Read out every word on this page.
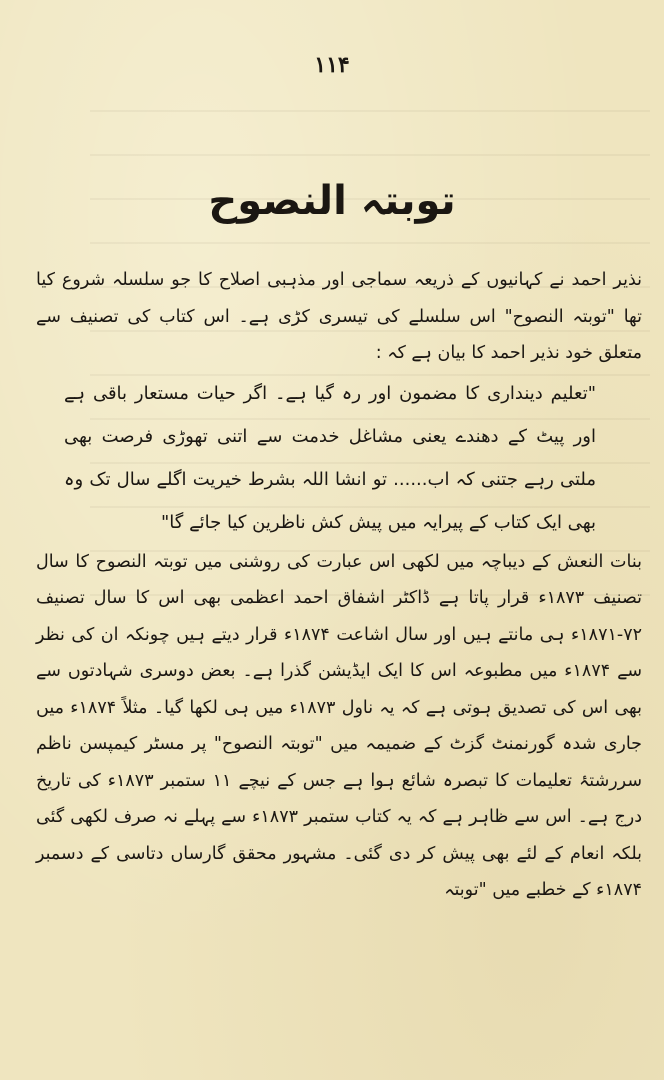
۱۱۴
توبتہ النصوح

نذیر احمد نے کہانیوں کے ذریعہ سماجی اور مذہبی اصلاح کا جو سلسلہ شروع کیا تھا "توبتہ النصوح" اس سلسلے کی تیسری کڑی ہے۔ اس کتاب کی تصنیف سے متعلق خود نذیر احمد کا بیان ہے کہ :

"تعلیم دینداری کا مضمون اور رہ گیا ہے۔ اگر حیات مستعار باقی ہے اور پیٹ کے دھندے یعنی مشاغل خدمت سے اتنی تھوڑی فرصت بھی ملتی رہے جتنی کہ اب...... تو انشا اللہ بشرط خیریت اگلے سال تک وہ بھی ایک کتاب کے پیرایہ میں پیش کش ناظرین کیا جائے گا"

بنات النعش کے دیباچہ میں لکھی اس عبارت کی روشنی میں توبتہ النصوح کا سال تصنیف ۱۸۷۳ء قرار پاتا ہے ڈاکٹر اشفاق احمد اعظمی بھی اس کا سال تصنیف ۷۲-۱۸۷۱ء ہی مانتے ہیں اور سال اشاعت ۱۸۷۴ء قرار دیتے ہیں چونکہ ان کی نظر سے ۱۸۷۴ء میں مطبوعہ اس کا ایک ایڈیشن گذرا ہے۔ بعض دوسری شہادتوں سے بھی اس کی تصدیق ہوتی ہے کہ یہ ناول ۱۸۷۳ء میں ہی لکھا گیا۔ مثلاً ۱۸۷۴ء میں جاری شدہ گورنمنٹ گزٹ کے ضمیمہ میں "توبتہ النصوح" پر مسٹر کیمپسن ناظم سررشتۂ تعلیمات کا تبصرہ شائع ہوا ہے جس کے نیچے ۱۱ ستمبر ۱۸۷۳ء کی تاریخ درج ہے۔ اس سے ظاہر ہے کہ یہ کتاب ستمبر ۱۸۷۳ء سے پہلے نہ صرف لکھی گئی بلکہ انعام کے لئے بھی پیش کر دی گئی۔ مشہور محقق گارساں دتاسی کے دسمبر ۱۸۷۴ء کے خطبے میں "توبتہ
